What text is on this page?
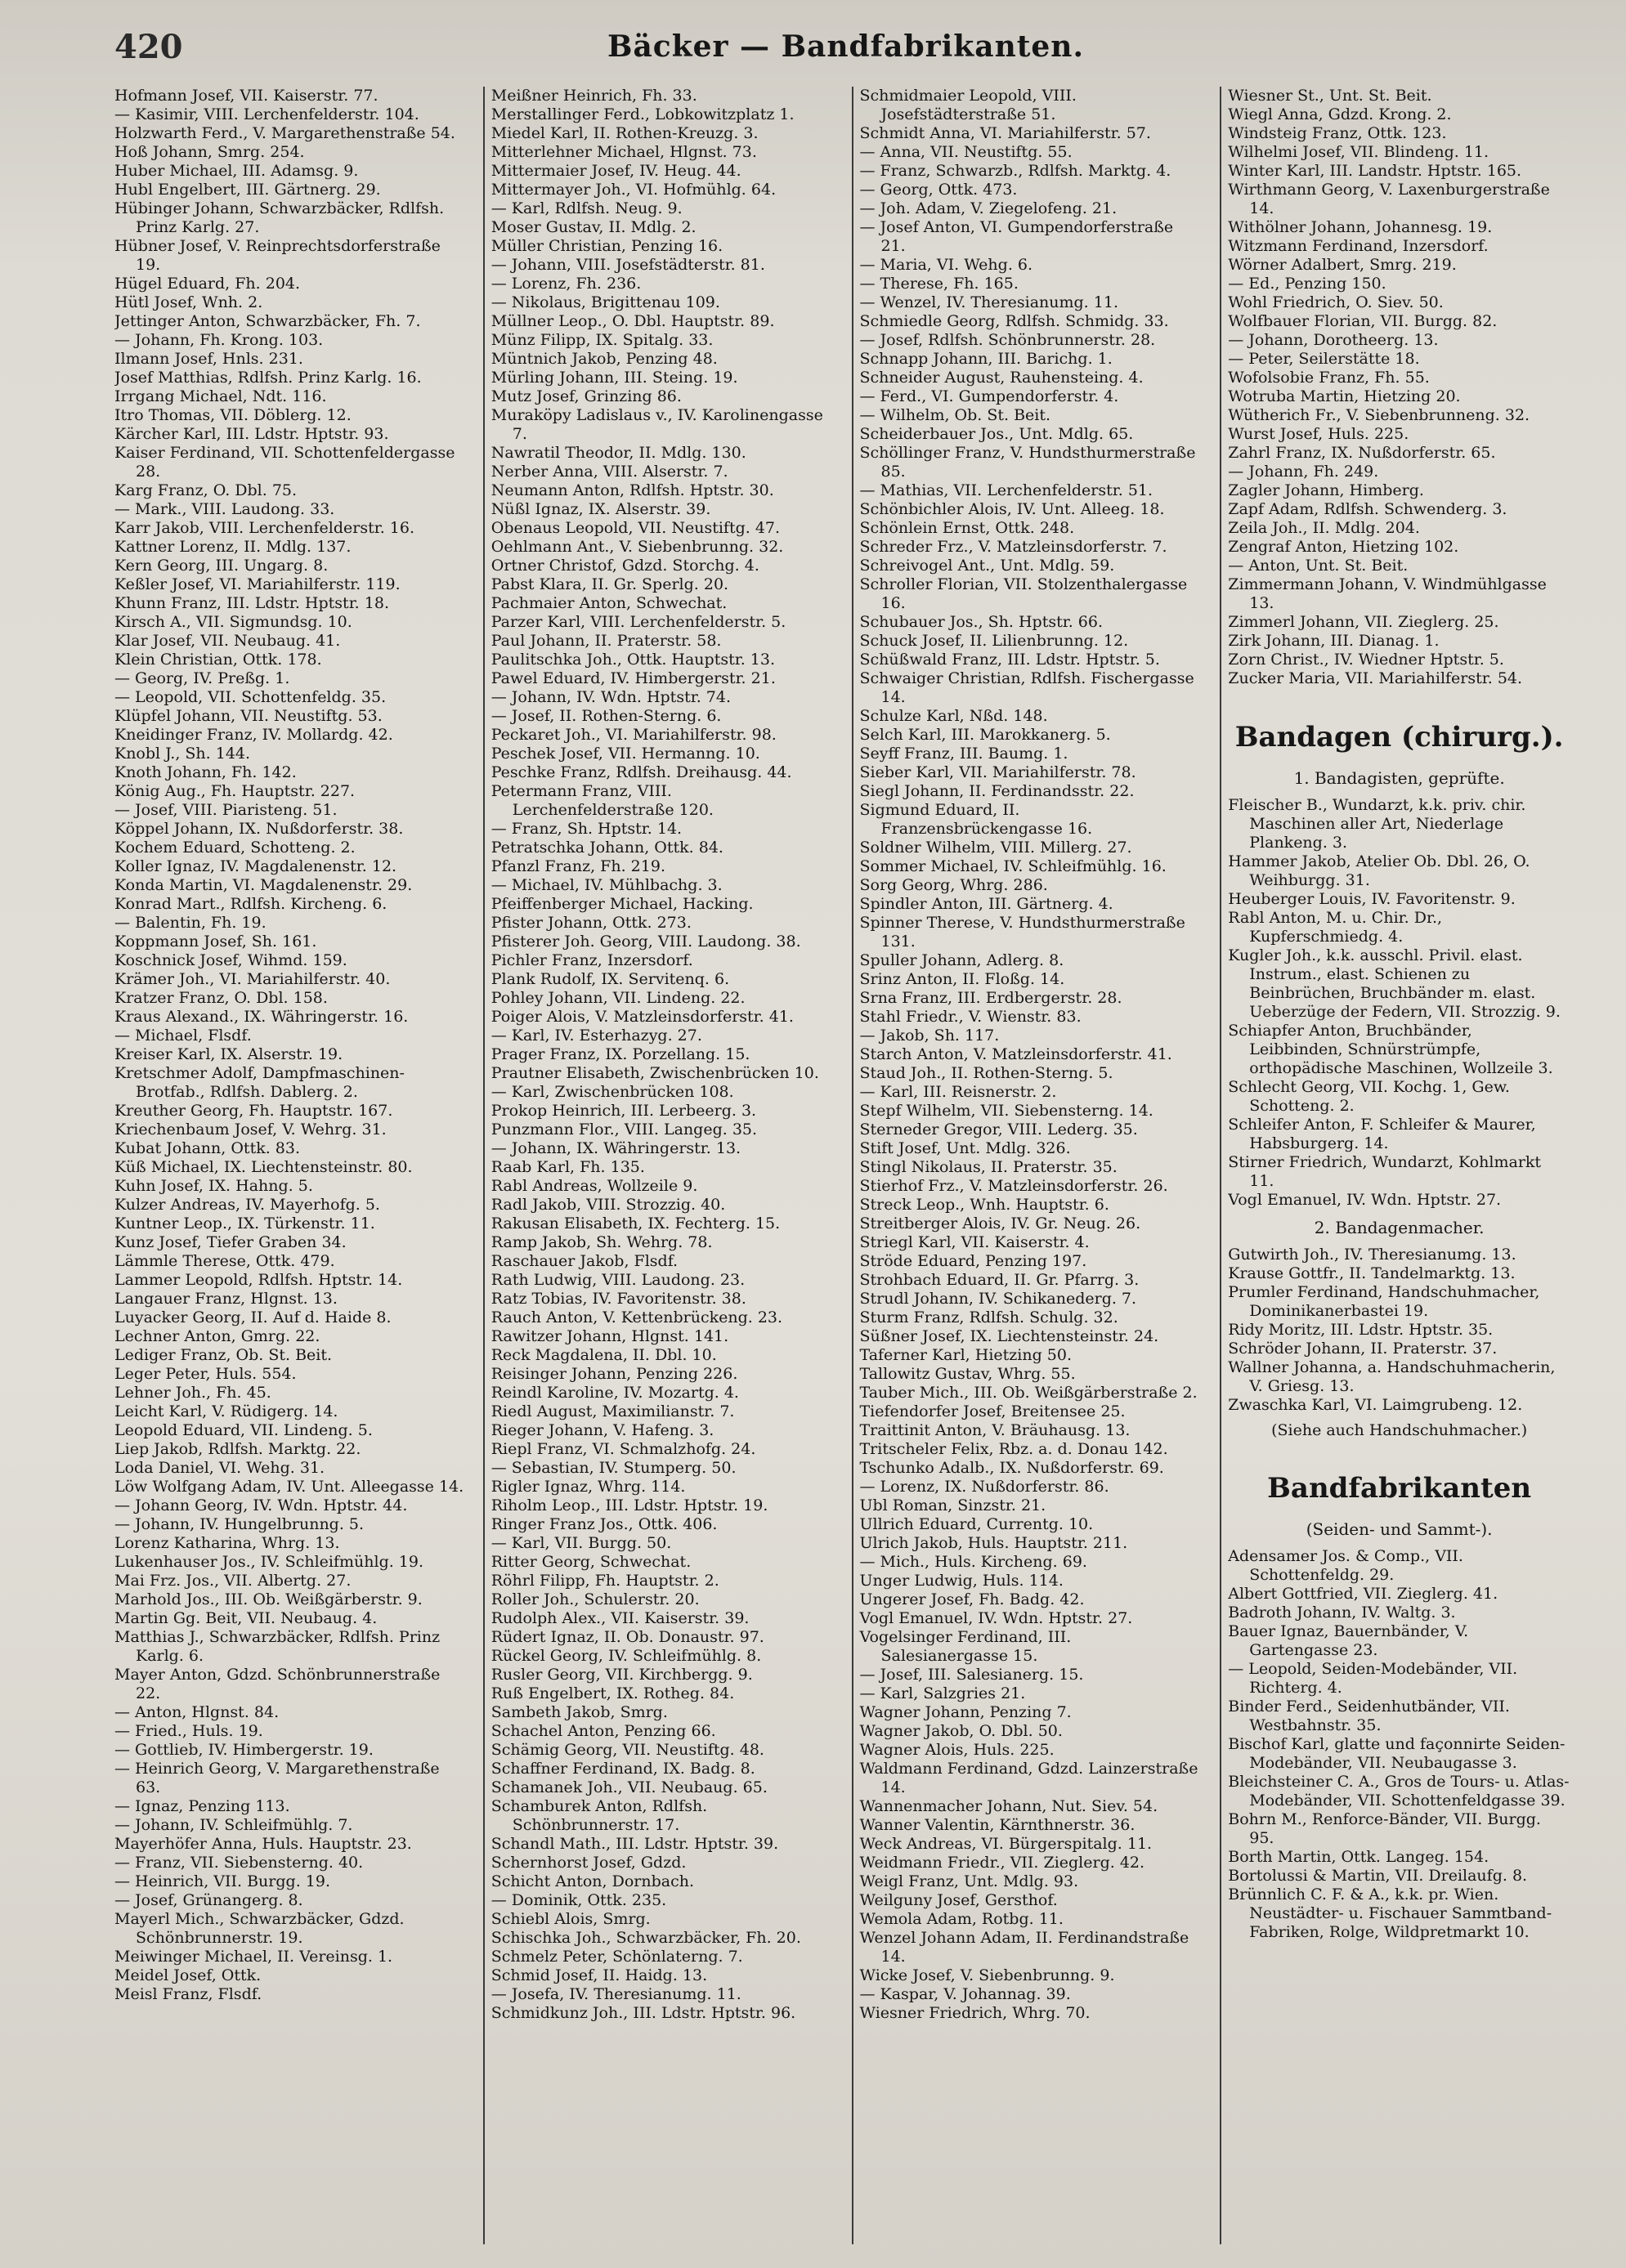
420	Bäcker — Bandfabrikanten.
Hofmann Josef, VII. Kaiserstr. 77.
— Kasimir, VIII. Lerchenfelderstr. 104.
Holzwarth Ferd., V. Margarethenstraße 54.
Hoß Johann, Smrg. 254.
Huber Michael, III. Adamsg. 9.
Hubl Engelbert, III. Gärtnerg. 29.
Hübinger Johann, Schwarzbäcker, Rdlfsh. Prinz Karlg. 27.
Hübner Josef, V. Reinprechtsdorferstraße 19.
Hügel Eduard, Fh. 204.
Hütl Josef, Wnh. 2.
Jettinger Anton, Schwarzbäcker, Fh. 7.
— Johann, Fh. Krong. 103.
Ilmann Josef, Hnls. 231.
Josef Matthias, Rdlfsh. Prinz Karlg. 16.
Irrgang Michael, Ndt. 116.
Itro Thomas, VII. Döblerg. 12.
Kärcher Karl, III. Ldstr. Hptstr. 93.
Kaiser Ferdinand, VII. Schottenfeldergasse 28.
Karg Franz, O. Dbl. 75.
— Mark., VIII. Laudong. 33.
Karr Jakob, VIII. Lerchenfelderstr. 16.
Kattner Lorenz, II. Mdlg. 137.
Kern Georg, III. Ungarg. 8.
Keßler Josef, VI. Mariahilferstr. 119.
Khunn Franz, III. Ldstr. Hptstr. 18.
Kirsch A., VII. Sigmundsg. 10.
Klar Josef, VII. Neubaug. 41.
Klein Christian, Ottk. 178.
— Georg, IV. Preßg. 1.
— Leopold, VII. Schottenfeldg. 35.
Klüpfel Johann, VII. Neustiftg. 53.
Kneidinger Franz, IV. Mollardg. 42.
Knobl J., Sh. 144.
Knoth Johann, Fh. 142.
König Aug., Fh. Hauptstr. 227.
— Josef, VIII. Piaristeng. 51.
Köppel Johann, IX. Nußdorferstr. 38.
Kochem Eduard, Schotteng. 2.
Koller Ignaz, IV. Magdalenenstr. 12.
Konda Martin, VI. Magdalenenstr. 29.
Konrad Mart., Rdlfsh. Kircheng. 6.
— Balentin, Fh. 19.
Koppmann Josef, Sh. 161.
Koschnick Josef, Wihmd. 159.
Krämer Joh., VI. Mariahilferstr. 40.
Kratzer Franz, O. Dbl. 158.
Kraus Alexand., IX. Währingerstr. 16.
— Michael, Flsdf.
Kreiser Karl, IX. Alserstr. 19.
Kretschmer Adolf, Dampfmaschinen-Brotfab., Rdlfsh. Dablerg. 2.
Kreuther Georg, Fh. Hauptstr. 167.
Kriechenbaum Josef, V. Wehrg. 31.
Kubat Johann, Ottk. 83.
Küß Michael, IX. Liechtensteinstr. 80.
Kuhn Josef, IX. Hahng. 5.
Kulzer Andreas, IV. Mayerhofg. 5.
Kuntner Leop., IX. Türkenstr. 11.
Kunz Josef, Tiefer Graben 34.
Lämmle Therese, Ottk. 479.
Lammer Leopold, Rdlfsh. Hptstr. 14.
Langauer Franz, Hlgnst. 13.
Luyacker Georg, II. Auf d. Haide 8.
Lechner Anton, Gmrg. 22.
Lediger Franz, Ob. St. Beit.
Leger Peter, Huls. 554.
Lehner Joh., Fh. 45.
Leicht Karl, V. Rüdigerg. 14.
Leopold Eduard, VII. Lindeng. 5.
Liep Jakob, Rdlfsh. Marktg. 22.
Loda Daniel, VI. Wehg. 31.
Löw Wolfgang Adam, IV. Unt. Alleegasse 14.
— Johann Georg, IV. Wdn. Hptstr. 44.
— Johann, IV. Hungelbrunng. 5.
Lorenz Katharina, Whrg. 13.
Lukenhauser Jos., IV. Schleifmühlg. 19.
Mai Frz. Jos., VII. Albertg. 27.
Marhold Jos., III. Ob. Weißgärberstr. 9.
Martin Gg. Beit, VII. Neubaug. 4.
Matthias J., Schwarzbäcker, Rdlfsh. Prinz Karlg. 6.
Mayer Anton, Gdzd. Schönbrunnerstraße 22.
— Anton, Hlgnst. 84.
— Fried., Huls. 19.
— Gottlieb, IV. Himbergerstr. 19.
— Heinrich Georg, V. Margarethenstraße 63.
— Ignaz, Penzing 113.
— Johann, IV. Schleifmühlg. 7.
Mayerhöfer Anna, Huls. Hauptstr. 23.
— Franz, VII. Siebensterng. 40.
— Heinrich, VII. Burgg. 19.
— Josef, Grünangerg. 8.
Mayerl Mich., Schwarzbäcker, Gdzd. Schönbrunnerstr. 19.
Meiwinger Michael, II. Vereinsg. 1.
Meidel Josef, Ottk.
Meisl Franz, Flsdf.
Meißner Heinrich, Fh. 33.
Merstallinger Ferd., Lobkowitzplatz 1.
Miedel Karl, II. Rothen-Kreuzg. 3.
Mitterlehner Michael, Hlgnst. 73.
Mittermaier Josef, IV. Heug. 44.
Mittermayer Joh., VI. Hofmühlg. 64.
— Karl, Rdlfsh. Neug. 9.
Moser Gustav, II. Mdlg. 2.
Müller Christian, Penzing 16.
— Johann, VIII. Josefstädterstr. 81.
— Lorenz, Fh. 236.
— Nikolaus, Brigittenau 109.
Müllner Leop., O. Dbl. Hauptstr. 89.
Münz Filipp, IX. Spitalg. 33.
Müntnich Jakob, Penzing 48.
Mürling Johann, III. Steing. 19.
Mutz Josef, Grinzing 86.
Muraköpy Ladislaus v., IV. Karolinengasse 7.
Nawratil Theodor, II. Mdlg. 130.
Nerber Anna, VIII. Alserstr. 7.
Neumann Anton, Rdlfsh. Hptstr. 30.
Nüßl Ignaz, IX. Alserstr. 39.
Obenaus Leopold, VII. Neustiftg. 47.
Oehlmann Ant., V. Siebenbrunng. 32.
Ortner Christof, Gdzd. Storchg. 4.
Pabst Klara, II. Gr. Sperlg. 20.
Pachmaier Anton, Schwechat.
Parzer Karl, VIII. Lerchenfelderstr. 5.
Paul Johann, II. Praterstr. 58.
Paulitschka Joh., Ottk. Hauptstr. 13.
Pawel Eduard, IV. Himbergerstr. 21.
— Johann, IV. Wdn. Hptstr. 74.
— Josef, II. Rothen-Sterng. 6.
Peckaret Joh., VI. Mariahilferstr. 98.
Peschek Josef, VII. Hermanng. 10.
Peschke Franz, Rdlfsh. Dreihausg. 44.
Petermann Franz, VIII. Lerchenfelderstraße 120.
— Franz, Sh. Hptstr. 14.
Petratschka Johann, Ottk. 84.
Pfanzl Franz, Fh. 219.
— Michael, IV. Mühlbachg. 3.
Pfeiffenberger Michael, Hacking.
Pfister Johann, Ottk. 273.
Pfisterer Joh. Georg, VIII. Laudong. 38.
Pichler Franz, Inzersdorf.
Plank Rudolf, IX. Servitenq. 6.
Pohley Johann, VII. Lindeng. 22.
Poiger Alois, V. Matzleinsdorferstr. 41.
— Karl, IV. Esterhazyg. 27.
Prager Franz, IX. Porzellang. 15.
Prautner Elisabeth, Zwischenbrücken 10.
— Karl, Zwischenbrücken 108.
Prokop Heinrich, III. Lerbeerg. 3.
Punzmann Flor., VIII. Langeg. 35.
— Johann, IX. Währingerstr. 13.
Raab Karl, Fh. 135.
Rabl Andreas, Wollzeile 9.
Radl Jakob, VIII. Strozzig. 40.
Rakusan Elisabeth, IX. Fechterg. 15.
Ramp Jakob, Sh. Wehrg. 78.
Raschauer Jakob, Flsdf.
Rath Ludwig, VIII. Laudong. 23.
Ratz Tobias, IV. Favoritenstr. 38.
Rauch Anton, V. Kettenbrückeng. 23.
Rawitzer Johann, Hlgnst. 141.
Reck Magdalena, II. Dbl. 10.
Reisinger Johann, Penzing 226.
Reindl Karoline, IV. Mozartg. 4.
Riedl August, Maximilianstr. 7.
Rieger Johann, V. Hafeng. 3.
Riepl Franz, VI. Schmalzhofg. 24.
— Sebastian, IV. Stumperg. 50.
Rigler Ignaz, Whrg. 114.
Riholm Leop., III. Ldstr. Hptstr. 19.
Ringer Franz Jos., Ottk. 406.
— Karl, VII. Burgg. 50.
Ritter Georg, Schwechat.
Röhrl Filipp, Fh. Hauptstr. 2.
Roller Joh., Schulerstr. 20.
Rudolph Alex., VII. Kaiserstr. 39.
Rüdert Ignaz, II. Ob. Donaustr. 97.
Rückel Georg, IV. Schleifmühlg. 8.
Rusler Georg, VII. Kirchbergg. 9.
Ruß Engelbert, IX. Rotheg. 84.
Sambeth Jakob, Smrg.
Schachel Anton, Penzing 66.
Schämig Georg, VII. Neustiftg. 48.
Schaffner Ferdinand, IX. Badg. 8.
Schamanek Joh., VII. Neubaug. 65.
Schamburek Anton, Rdlfsh. Schönbrunnerstr. 17.
Schandl Math., III. Ldstr. Hptstr. 39.
Schernhorst Josef, Gdzd.
Schicht Anton, Dornbach.
— Dominik, Ottk. 235.
Schiebl Alois, Smrg.
Schischka Joh., Schwarzbäcker, Fh. 20.
Schmelz Peter, Schönlaterng. 7.
Schmid Josef, II. Haidg. 13.
— Josefa, IV. Theresianumg. 11.
Schmidkunz Joh., III. Ldstr. Hptstr. 96.
Schmidmaier Leopold, VIII. Josefstädterstraße 51.
Schmidt Anna, VI. Mariahilferstr. 57.
— Anna, VII. Neustiftg. 55.
— Franz, Schwarzb., Rdlfsh. Marktg. 4.
— Georg, Ottk. 473.
— Joh. Adam, V. Ziegelofeng. 21.
— Josef Anton, VI. Gumpendorferstraße 21.
— Maria, VI. Wehg. 6.
— Therese, Fh. 165.
— Wenzel, IV. Theresianumg. 11.
Schmiedle Georg, Rdlfsh. Schmidg. 33.
— Josef, Rdlfsh. Schönbrunnerstr. 28.
Schnapp Johann, III. Barichg. 1.
Schneider August, Rauhensteing. 4.
— Ferd., VI. Gumpendorferstr. 4.
— Wilhelm, Ob. St. Beit.
Scheiderbauer Jos., Unt. Mdlg. 65.
Schöllinger Franz, V. Hundsthurmerstraße 85.
— Mathias, VII. Lerchenfelderstr. 51.
Schönbichler Alois, IV. Unt. Alleeg. 18.
Schönlein Ernst, Ottk. 248.
Schreder Frz., V. Matzleinsdorferstr. 7.
Schreivogel Ant., Unt. Mdlg. 59.
Schroller Florian, VII. Stolzenthalergasse 16.
Schubauer Jos., Sh. Hptstr. 66.
Schuck Josef, II. Lilienbrunng. 12.
Schüßwald Franz, III. Ldstr. Hptstr. 5.
Schwaiger Christian, Rdlfsh. Fischergasse 14.
Schulze Karl, Nßd. 148.
Selch Karl, III. Marokkanerg. 5.
Seyff Franz, III. Baumg. 1.
Sieber Karl, VII. Mariahilferstr. 78.
Siegl Johann, II. Ferdinandsstr. 22.
Sigmund Eduard, II. Franzensbrückengasse 16.
Soldner Wilhelm, VIII. Millerg. 27.
Sommer Michael, IV. Schleifmühlg. 16.
Sorg Georg, Whrg. 286.
Spindler Anton, III. Gärtnerg. 4.
Spinner Therese, V. Hundsthurmerstraße 131.
Spuller Johann, Adlerg. 8.
Srinz Anton, II. Floßg. 14.
Srna Franz, III. Erdbergerstr. 28.
Stahl Friedr., V. Wienstr. 83.
— Jakob, Sh. 117.
Starch Anton, V. Matzleinsdorferstr. 41.
Staud Joh., II. Rothen-Sterng. 5.
— Karl, III. Reisnerstr. 2.
Stepf Wilhelm, VII. Siebensterng. 14.
Sterneder Gregor, VIII. Lederg. 35.
Stift Josef, Unt. Mdlg. 326.
Stingl Nikolaus, II. Praterstr. 35.
Stierhof Frz., V. Matzleinsdorferstr. 26.
Streck Leop., Wnh. Hauptstr. 6.
Streitberger Alois, IV. Gr. Neug. 26.
Striegl Karl, VII. Kaiserstr. 4.
Ströde Eduard, Penzing 197.
Strohbach Eduard, II. Gr. Pfarrg. 3.
Strudl Johann, IV. Schikanederg. 7.
Sturm Franz, Rdlfsh. Schulg. 32.
Süßner Josef, IX. Liechtensteinstr. 24.
Taferner Karl, Hietzing 50.
Tallowitz Gustav, Whrg. 55.
Tauber Mich., III. Ob. Weißgärberstraße 2.
Tiefendorfer Josef, Breitensee 25.
Traittinit Anton, V. Bräuhausg. 13.
Tritscheler Felix, Rbz. a. d. Donau 142.
Tschunko Adalb., IX. Nußdorferstr. 69.
— Lorenz, IX. Nußdorferstr. 86.
Ubl Roman, Sinzstr. 21.
Ullrich Eduard, Currentg. 10.
Ulrich Jakob, Huls. Hauptstr. 211.
— Mich., Huls. Kircheng. 69.
Unger Ludwig, Huls. 114.
Ungerer Josef, Fh. Badg. 42.
Vogl Emanuel, IV. Wdn. Hptstr. 27.
Vogelsinger Ferdinand, III. Salesianergasse 15.
— Josef, III. Salesianerg. 15.
— Karl, Salzgries 21.
Wagner Johann, Penzing 7.
Wagner Jakob, O. Dbl. 50.
Wagner Alois, Huls. 225.
Waldmann Ferdinand, Gdzd. Lainzerstraße 14.
Wannenmacher Johann, Nut. Siev. 54.
Wanner Valentin, Kärnthnerstr. 36.
Weck Andreas, VI. Bürgerspitalg. 11.
Weidmann Friedr., VII. Zieglerg. 42.
Weigl Franz, Unt. Mdlg. 93.
Weilguny Josef, Gersthof.
Wemola Adam, Rotbg. 11.
Wenzel Johann Adam, II. Ferdinandstraße 14.
Wicke Josef, V. Siebenbrunng. 9.
— Kaspar, V. Johannag. 39.
Wiesner Friedrich, Whrg. 70.
Wiesner St., Unt. St. Beit.
Wiegl Anna, Gdzd. Krong. 2.
Windsteig Franz, Ottk. 123.
Wilhelmi Josef, VII. Blindeng. 11.
Winter Karl, III. Landstr. Hptstr. 165.
Wirthmann Georg, V. Laxenburgerstraße 14.
Withölner Johann, Johannesg. 19.
Witzmann Ferdinand, Inzersdorf.
Wörner Adalbert, Smrg. 219.
— Ed., Penzing 150.
Wohl Friedrich, O. Siev. 50.
Wolfbauer Florian, VII. Burgg. 82.
— Johann, Dorotheerg. 13.
— Peter, Seilerstätte 18.
Wofolsobie Franz, Fh. 55.
Wotruba Martin, Hietzing 20.
Wütherich Fr., V. Siebenbrunneng. 32.
Wurst Josef, Huls. 225.
Zahrl Franz, IX. Nußdorferstr. 65.
— Johann, Fh. 249.
Zagler Johann, Himberg.
Zapf Adam, Rdlfsh. Schwenderg. 3.
Zeila Joh., II. Mdlg. 204.
Zengraf Anton, Hietzing 102.
— Anton, Unt. St. Beit.
Zimmermann Johann, V. Windmühlgasse 13.
Zimmerl Johann, VII. Zieglerg. 25.
Zirk Johann, III. Dianag. 1.
Zorn Christ., IV. Wiedner Hptstr. 5.
Zucker Maria, VII. Mariahilferstr. 54.
Bandagen (chirurg.).
1. Bandagisten, geprüfte.
Fleischer B., Wundarzt, k.k. priv. chir. Maschinen aller Art, Niederlage Plankeng. 3.
Hammer Jakob, Atelier Ob. Dbl. 26, O. Weihburgg. 31.
Heuberger Louis, IV. Favoritenstr. 9.
Rabl Anton, M. u. Chir. Dr., Kupferschmiedg. 4.
Kugler Joh., k.k. ausschl. Privil. elast. Instrum., elast. Schienen zu Beinbrüchen, Bruchbänder m. elast. Ueberzüge der Federn, VII. Strozzig. 9.
Schiapfer Anton, Bruchbänder, Leibbinden, Schnürstrümpfe, orthopädische Maschinen, Wollzeile 3.
Schlecht Georg, VII. Kochg. 1, Gew. Schotteng. 2.
Schleifer Anton, F. Schleifer & Maurer, Habsburgerg. 14.
Stirner Friedrich, Wundarzt, Kohlmarkt 11.
Vogl Emanuel, IV. Wdn. Hptstr. 27.
2. Bandagenmacher.
Gutwirth Joh., IV. Theresianumg. 13.
Krause Gottfr., II. Tandelmarktg. 13.
Prumler Ferdinand, Handschuhmacher, Dominikanerbastei 19.
Ridy Moritz, III. Ldstr. Hptstr. 35.
Schröder Johann, II. Praterstr. 37.
Wallner Johanna, a. Handschuhmacherin, V. Griesg. 13.
Zwaschka Karl, VI. Laimgrubeng. 12.
(Siehe auch Handschuhmacher.)
Bandfabrikanten
(Seiden- und Sammt-).
Adensamer Jos. & Comp., VII. Schottenfeldg. 29.
Albert Gottfried, VII. Zieglerg. 41.
Badroth Johann, IV. Waltg. 3.
Bauer Ignaz, Bauernbänder, V. Gartengasse 23.
— Leopold, Seiden-Modebänder, VII. Richterg. 4.
Binder Ferd., Seidenhutbänder, VII. Westbahnstr. 35.
Bischof Karl, glatte und façonnirte Seiden-Modebänder, VII. Neubaugasse 3.
Bleichsteiner C. A., Gros de Tours- u. Atlas-Modebänder, VII. Schottenfeldgasse 39.
Bohrn M., Renforce-Bänder, VII. Burgg. 95.
Borth Martin, Ottk. Langeg. 154.
Bortolussi & Martin, VII. Dreilaufg. 8.
Brünnlich C. F. & A., k.k. pr. Wien. Neustädter- u. Fischauer Sammtband-Fabriken, Rolge, Wildpretmarkt 10.
